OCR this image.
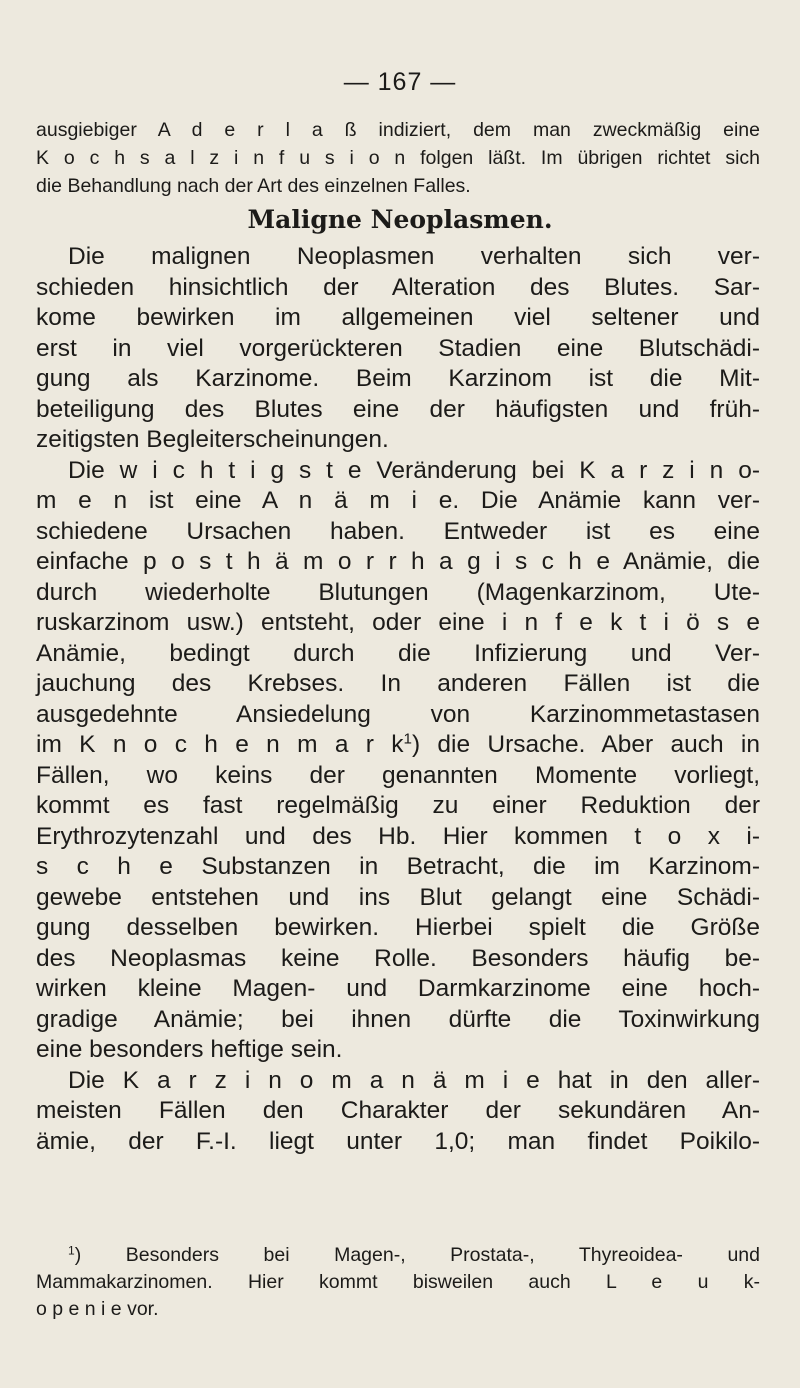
— 167 —
ausgiebiger A d e r l a ß indiziert, dem man zweckmäßig eine
K o c h s a l z i n f u s i o n folgen läßt. Im übrigen richtet sich
die Behandlung nach der Art des einzelnen Falles.
Maligne Neoplasmen.
Die malignen Neoplasmen verhalten sich ver-
schieden hinsichtlich der Alteration des Blutes. Sar-
kome bewirken im allgemeinen viel seltener und
erst in viel vorgerückteren Stadien eine Blutschädi-
gung als Karzinome. Beim Karzinom ist die Mit-
beteiligung des Blutes eine der häufigsten und früh-
zeitigsten Begleiterscheinungen.
Die w i c h t i g s t e Veränderung bei K a r z i n o-
m e n ist eine A n ä m i e. Die Anämie kann ver-
schiedene Ursachen haben. Entweder ist es eine
einfache p o s t h ä m o r r h a g i s c h e Anämie, die
durch wiederholte Blutungen (Magenkarzinom, Ute-
ruskarzinom usw.) entsteht, oder eine i n f e k t i ö s e
Anämie, bedingt durch die Infizierung und Ver-
jauchung des Krebses. In anderen Fällen ist die
ausgedehnte Ansiedelung von Karzinommetastasen
im K n o c h e n m a r $k^1$) die Ursache. Aber auch in
Fällen, wo keins der genannten Momente vorliegt,
kommt es fast regelmäßig zu einer Reduktion der
Erythrozytenzahl und des Hb. Hier kommen t o x i-
s c h e Substanzen in Betracht, die im Karzinom-
gewebe entstehen und ins Blut gelangt eine Schädi-
gung desselben bewirken. Hierbei spielt die Größe
des Neoplasmas keine Rolle. Besonders häufig be-
wirken kleine Magen- und Darmkarzinome eine hoch-
gradige Anämie; bei ihnen dürfte die Toxinwirkung
eine besonders heftige sein.
Die K a r z i n o m a n ä m i e hat in den aller-
meisten Fällen den Charakter der sekundären An-
ämie, der F.-I. liegt unter 1,0; man findet Poikilo-
$^1$) Besonders bei Magen-, Prostata-, Thyreoidea- und
Mammakarzinomen. Hier kommt bisweilen auch L e u k-
o p e n i e vor.
